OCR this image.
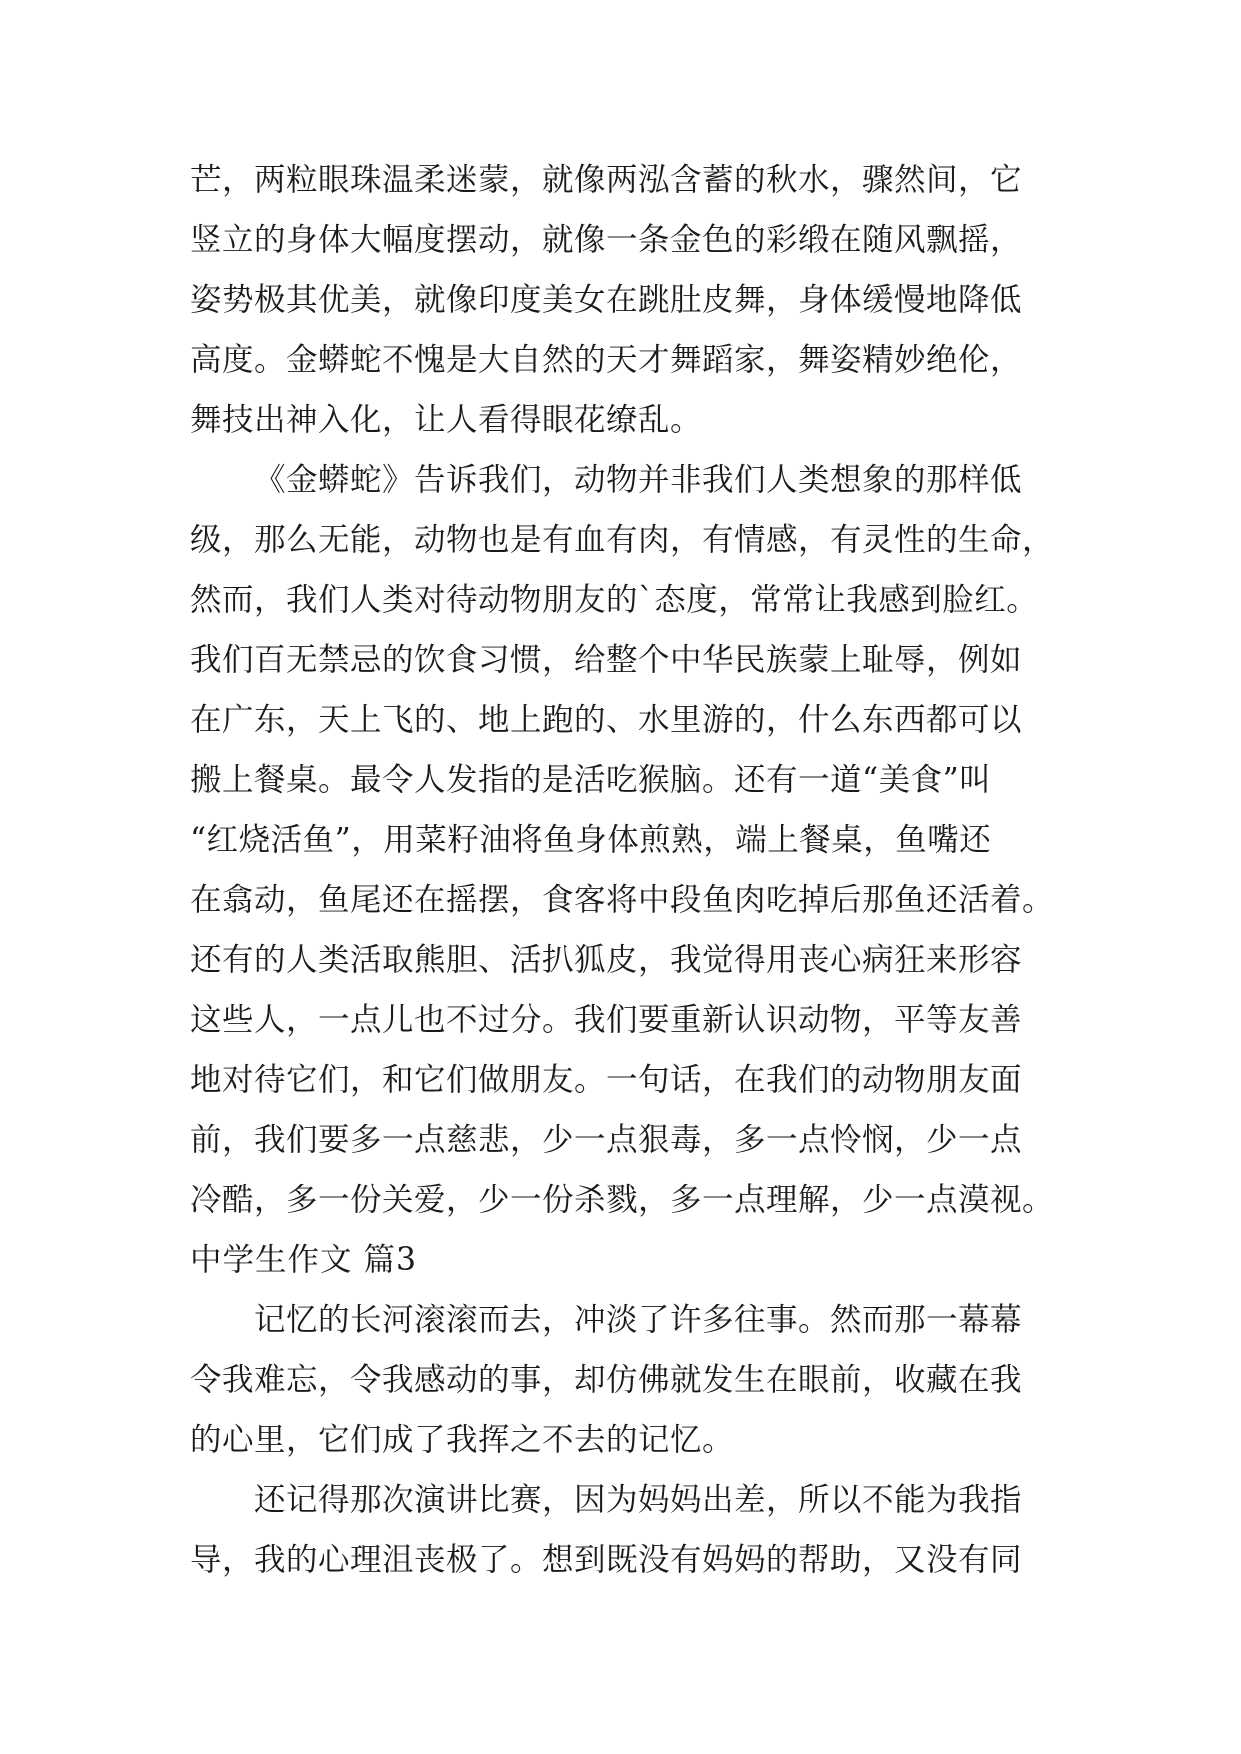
芒，两粒眼珠温柔迷蒙，就像两泓含蓄的秋水，骤然间，它
竖立的身体大幅度摆动，就像一条金色的彩缎在随风飘摇，
姿势极其优美，就像印度美女在跳肚皮舞，身体缓慢地降低
高度。金蟒蛇不愧是大自然的天才舞蹈家，舞姿精妙绝伦，
舞技出神入化，让人看得眼花缭乱。
《金蟒蛇》告诉我们，动物并非我们人类想象的那样低
级，那么无能，动物也是有血有肉，有情感，有灵性的生命，
然而，我们人类对待动物朋友的`态度，常常让我感到脸红。
我们百无禁忌的饮食习惯，给整个中华民族蒙上耻辱，例如
在广东，天上飞的、地上跑的、水里游的，什么东西都可以
搬上餐桌。最令人发指的是活吃猴脑。还有一道“美食”叫
“红烧活鱼”，用菜籽油将鱼身体煎熟，端上餐桌，鱼嘴还
在翕动，鱼尾还在摇摆，食客将中段鱼肉吃掉后那鱼还活着。
还有的人类活取熊胆、活扒狐皮，我觉得用丧心病狂来形容
这些人，一点儿也不过分。我们要重新认识动物，平等友善
地对待它们，和它们做朋友。一句话，在我们的动物朋友面
前，我们要多一点慈悲，少一点狠毒，多一点怜悯，少一点
冷酷，多一份关爱，少一份杀戮，多一点理解，少一点漠视。
中学生作文 篇3
记忆的长河滚滚而去，冲淡了许多往事。然而那一幕幕
令我难忘，令我感动的事，却仿佛就发生在眼前，收藏在我
的心里，它们成了我挥之不去的记忆。
还记得那次演讲比赛，因为妈妈出差，所以不能为我指
导，我的心理沮丧极了。想到既没有妈妈的帮助，又没有同
